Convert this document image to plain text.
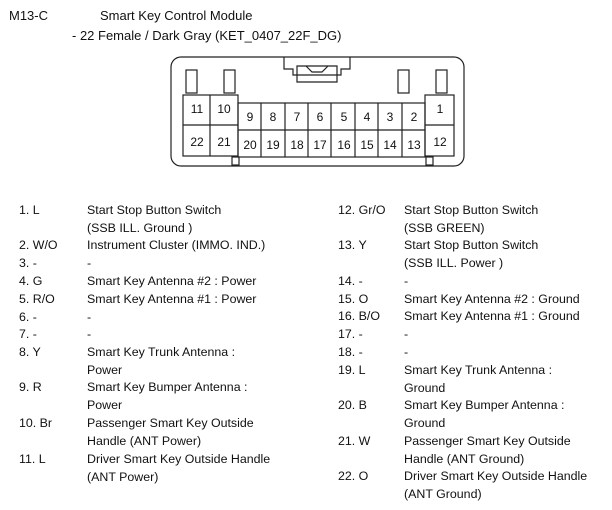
M13-C	Smart Key Control Module
- 22 Female / Dark Gray (KET_0407_22F_DG)
11	10
9	8	7	6	5	4	3	2
1
22	21	20 19 18 17 16 15 14 13	12
1. L	Start Stop Button Switch
(SSB ILL. Ground )
2. W/O Instrument Cluster (IMMO. IND.)
3. -	-
4. G	Smart Key Antenna #2 : Power
5. R/O	Smart Key Antenna #1 : Power
6. -	-
7. -	-
8. Y	Smart Key Trunk Antenna :
Power
9. R	Smart Key Bumper Antenna :
Power
10. Br	Passenger Smart Key Outside
Handle (ANT Power)
11. L	Driver Smart Key Outside Handle
(ANT Power)
12. Gr/O Start Stop Button Switch
(SSB GREEN)
13. Y	Start Stop Button Switch
(SSB ILL. Power )
14. -	-
15. O	Smart Key Antenna #2 : Ground
16. B/O Smart Key Antenna #1 : Ground
17. -	-
18. -	-
19. L	Smart Key Trunk Antenna :
Ground
20. B	Smart Key Bumper Antenna :
Ground
21. W	Passenger Smart Key Outside
Handle (ANT Ground)
22. O	Driver Smart Key Outside Handle
(ANT Ground)
